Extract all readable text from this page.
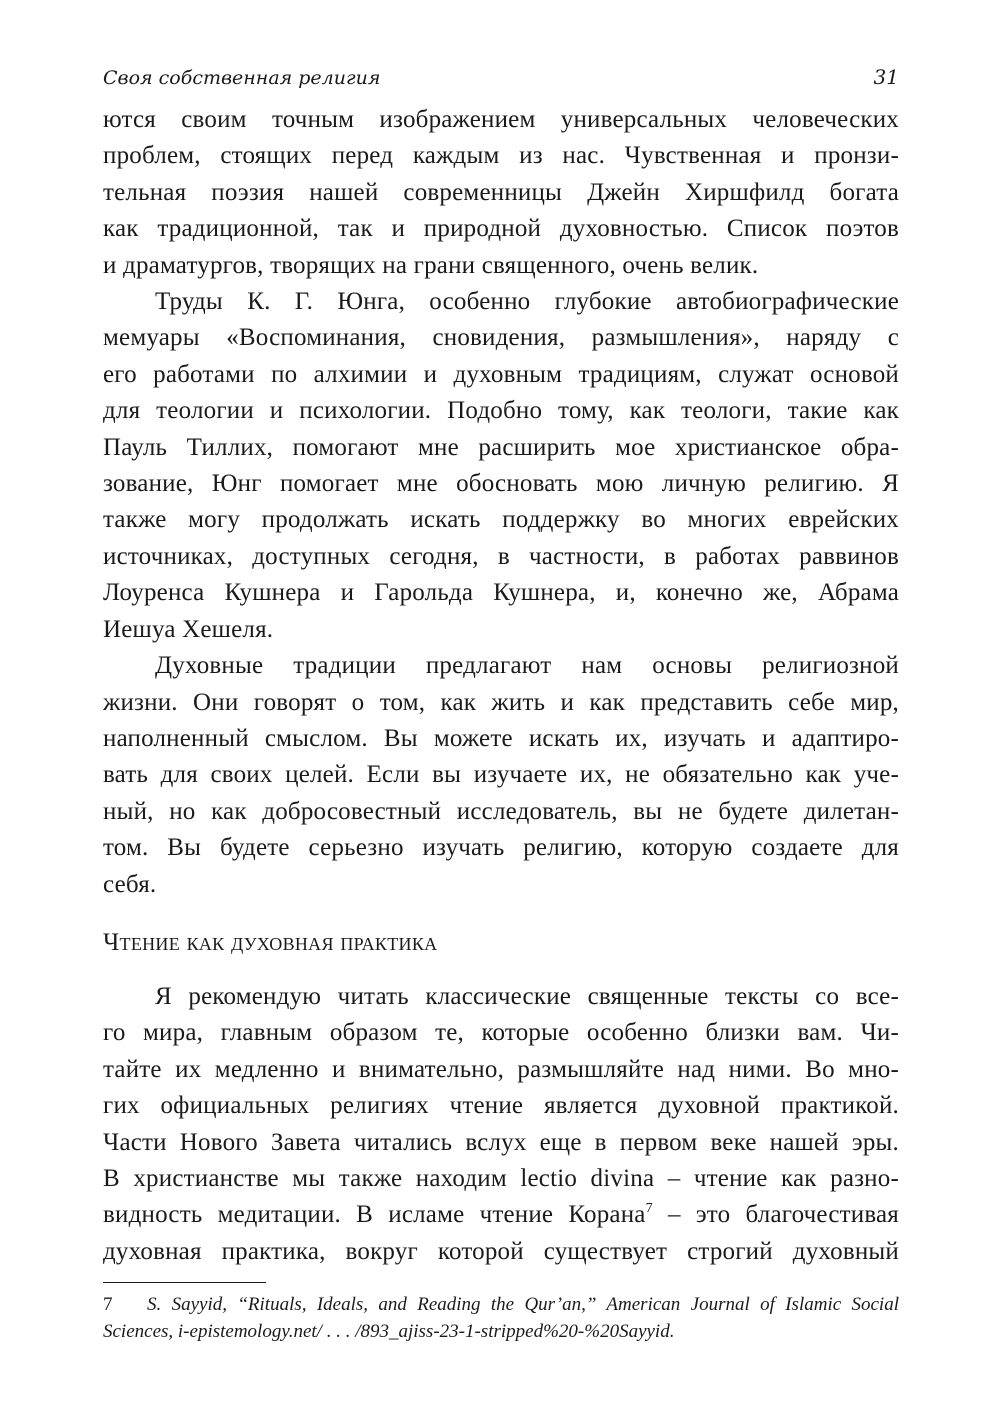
Своя собственная религия	31

ются своим точным изображением универсальных человеческих
проблем, стоящих перед каждым из нас. Чувственная и пронзи-
тельная поэзия нашей современницы Джейн Хиршфилд богата
как традиционной, так и природной духовностью. Список поэтов
и драматургов, творящих на грани священного, очень велик.

Труды К. Г. Юнга, особенно глубокие автобиографические
мемуары «Воспоминания, сновидения, размышления», наряду с
его работами по алхимии и духовным традициям, служат основой
для теологии и психологии. Подобно тому, как теологи, такие как
Пауль Тиллих, помогают мне расширить мое христианское обра-
зование, Юнг помогает мне обосновать мою личную религию. Я
также могу продолжать искать поддержку во многих еврейских
источниках, доступных сегодня, в частности, в работах раввинов
Лоуренса Кушнера и Гарольда Кушнера, и, конечно же, Абрама
Иешуа Хешеля.

Духовные традиции предлагают нам основы религиозной
жизни. Они говорят о том, как жить и как представить себе мир,
наполненный смыслом. Вы можете искать их, изучать и адаптиро-
вать для своих целей. Если вы изучаете их, не обязательно как уче-
ный, но как добросовестный исследователь, вы не будете дилетан-
том. Вы будете серьезно изучать религию, которую создаете для
себя.

Чтение как духовная практика

Я рекомендую читать классические священные тексты со все-
го мира, главным образом те, которые особенно близки вам. Чи-
тайте их медленно и внимательно, размышляйте над ними. Во мно-
гих официальных религиях чтение является духовной практикой.
Части Нового Завета читались вслух еще в первом веке нашей эры.
В христианстве мы также находим lectio divina – чтение как разно-
видность медитации. В исламе чтение Корана$^7$ – это благочестивая
духовная практика, вокруг которой существует строгий духовный

7 S. Sayyid, “Rituals, Ideals, and Reading the Qur’an,” American Journal of Islamic Social
Sciences, i-epistemology.net/ . . . /893_ajiss-23-1-stripped%20-%20Sayyid.
